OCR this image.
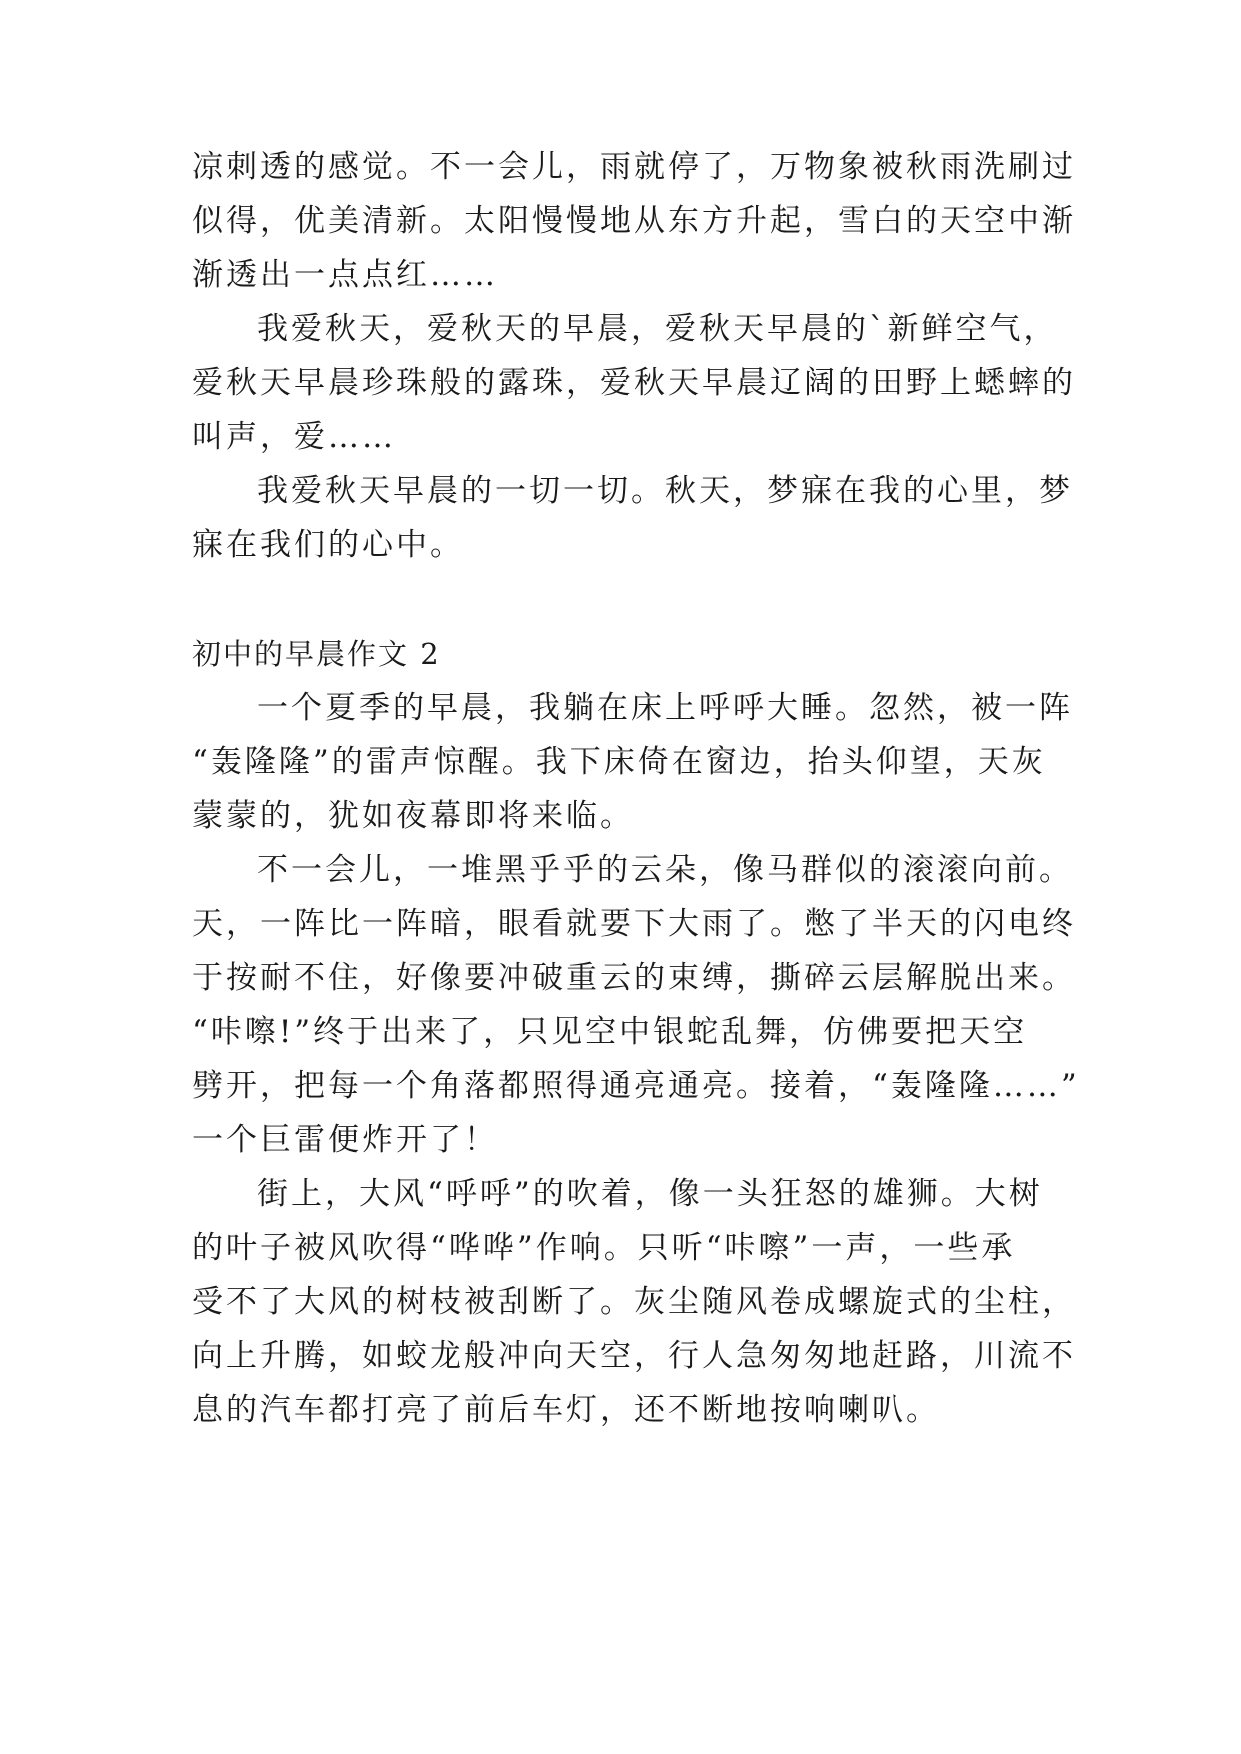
凉刺透的感觉。不一会儿，雨就停了，万物象被秋雨洗刷过
似得，优美清新。太阳慢慢地从东方升起，雪白的天空中渐
渐透出一点点红……
我爱秋天，爱秋天的早晨，爱秋天早晨的`新鲜空气，
爱秋天早晨珍珠般的露珠，爱秋天早晨辽阔的田野上蟋蟀的
叫声，爱……
我爱秋天早晨的一切一切。秋天，梦寐在我的心里，梦
寐在我们的心中。
初中的早晨作文 2
一个夏季的早晨，我躺在床上呼呼大睡。忽然，被一阵
“轰隆隆”的雷声惊醒。我下床倚在窗边，抬头仰望，天灰
蒙蒙的，犹如夜幕即将来临。
不一会儿，一堆黑乎乎的云朵，像马群似的滚滚向前。
天，一阵比一阵暗，眼看就要下大雨了。憋了半天的闪电终
于按耐不住，好像要冲破重云的束缚，撕碎云层解脱出来。
“咔嚓!”终于出来了，只见空中银蛇乱舞，仿佛要把天空
劈开，把每一个角落都照得通亮通亮。接着，“轰隆隆……”
一个巨雷便炸开了！
街上，大风“呼呼”的吹着，像一头狂怒的雄狮。大树
的叶子被风吹得“哗哗”作响。只听“咔嚓”一声，一些承
受不了大风的树枝被刮断了。灰尘随风卷成螺旋式的尘柱，
向上升腾，如蛟龙般冲向天空，行人急匆匆地赶路，川流不
息的汽车都打亮了前后车灯，还不断地按响喇叭。
